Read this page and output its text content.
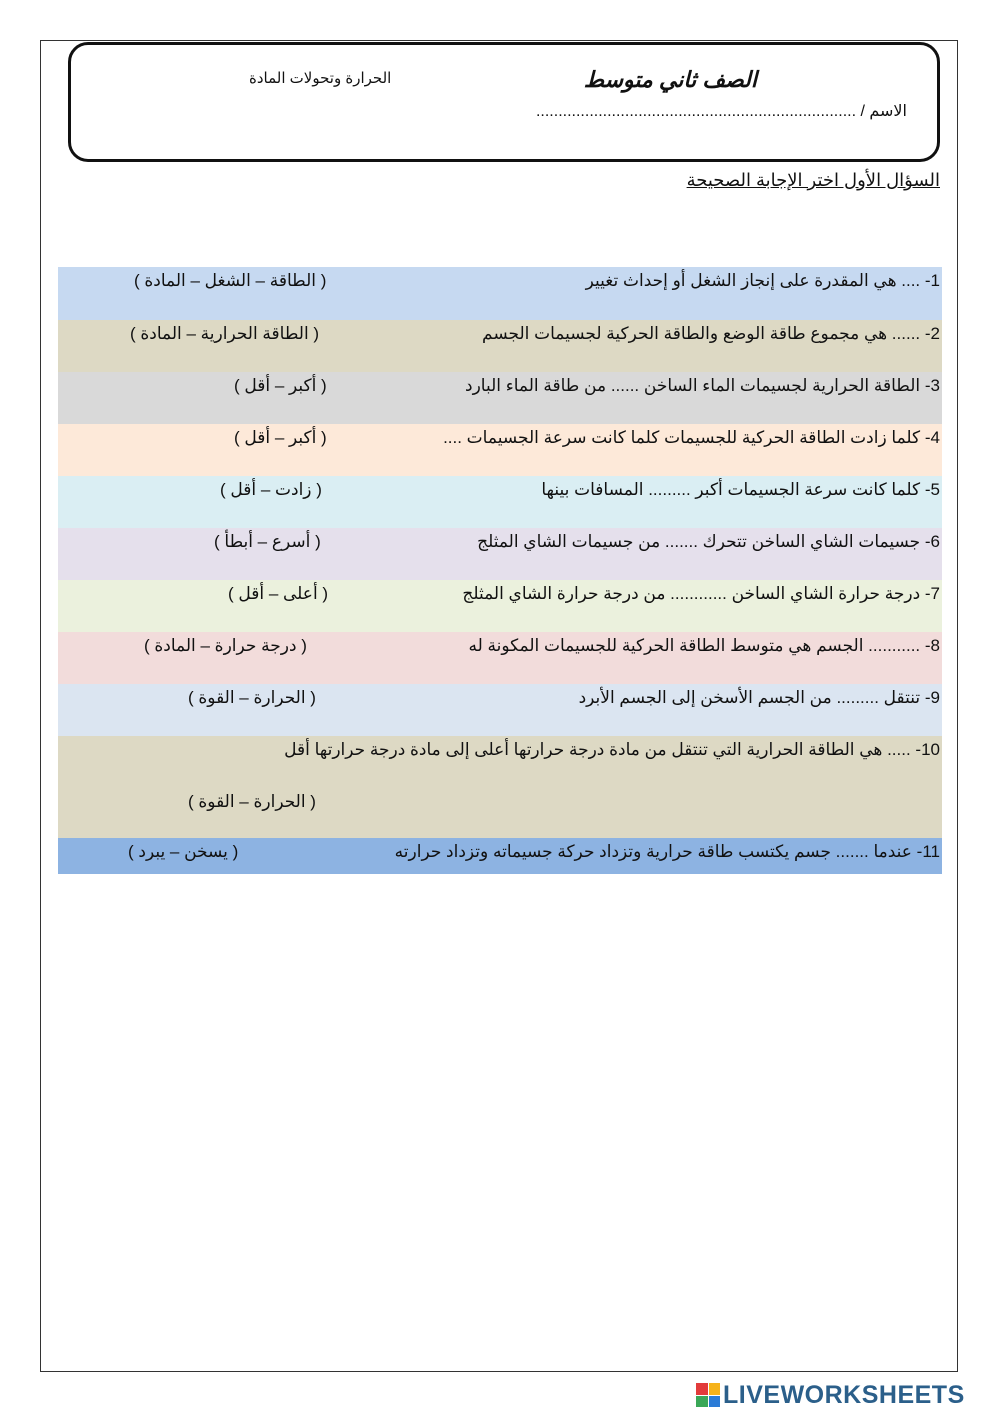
الصف ثاني متوسط
الحرارة وتحولات المادة
الاسم / ........................................................................
السؤال الأول اختر الإجابة الصحيحة
1- .... هي المقدرة على إنجاز الشغل أو إحداث تغيير
( الطاقة – الشغل – المادة )
2- ...... هي مجموع طاقة الوضع والطاقة الحركية لجسيمات الجسم
( الطاقة الحرارية – المادة )
3- الطاقة الحرارية لجسيمات الماء الساخن ...... من طاقة الماء البارد
( أكبر – أقل )
4- كلما زادت الطاقة الحركية للجسيمات كلما كانت سرعة الجسيمات ....
( أكبر – أقل )
5- كلما كانت سرعة الجسيمات أكبر ......... المسافات بينها
( زادت – أقل )
6- جسيمات الشاي الساخن تتحرك ....... من جسيمات الشاي المثلج
( أسرع – أبطأ )
7- درجة حرارة الشاي الساخن ............ من درجة حرارة الشاي المثلج
( أعلى – أقل )
8- ........... الجسم هي متوسط الطاقة الحركية للجسيمات المكونة له
( درجة حرارة – المادة )
9- تنتقل ......... من الجسم الأسخن إلى الجسم الأبرد
( الحرارة – القوة )
10- ..... هي الطاقة الحرارية التي تنتقل من مادة درجة حرارتها أعلى إلى مادة درجة حرارتها أقل
( الحرارة – القوة )
11- عندما ....... جسم يكتسب طاقة حرارية وتزداد حركة جسيماته وتزداد حرارته
( يسخن – يبرد )
LIVEWORKSHEETS
